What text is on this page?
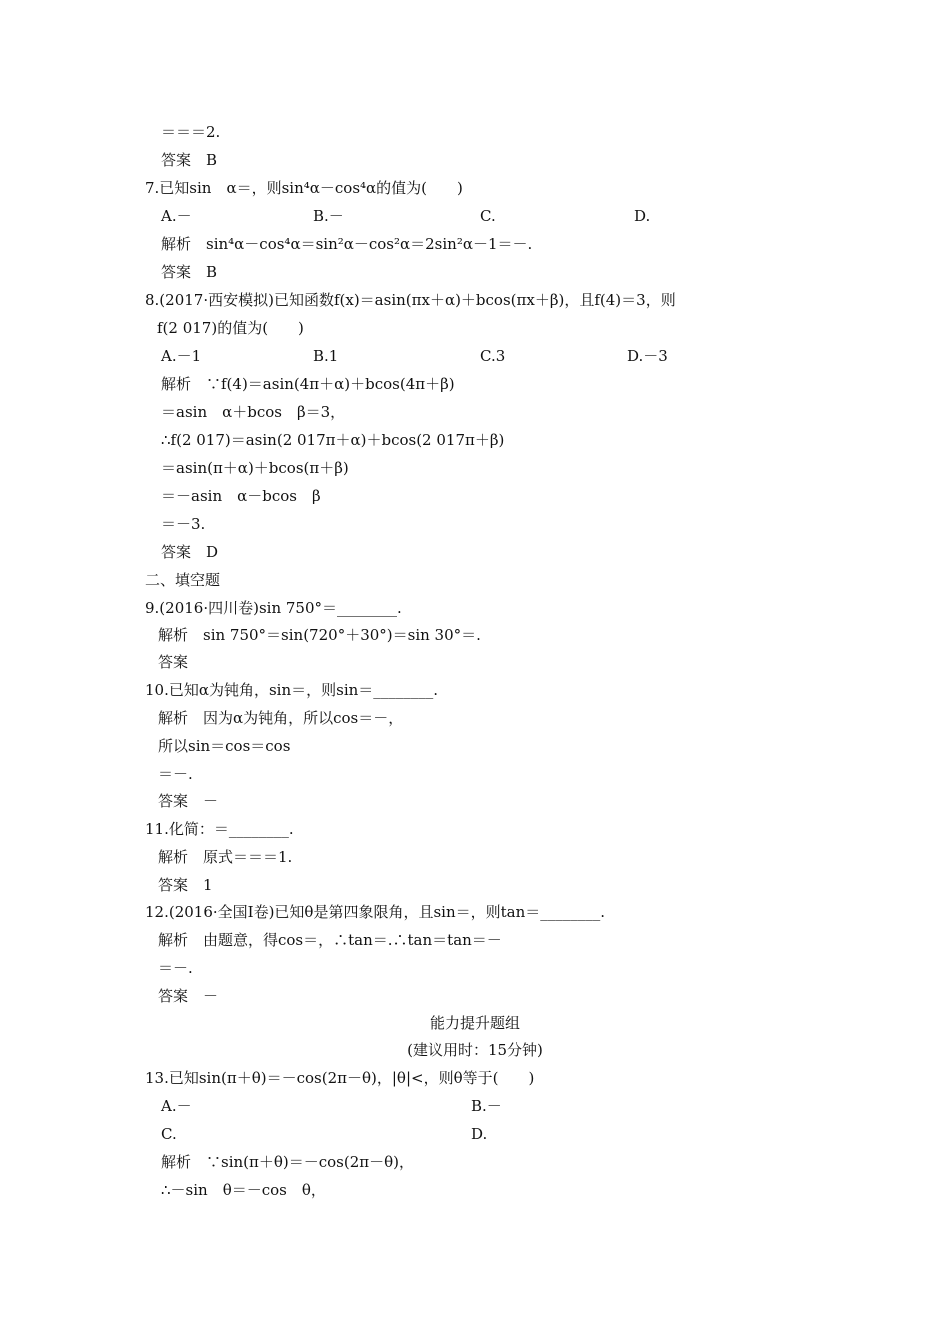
＝＝＝2.
答案　B
7.已知sin　α＝，则sin⁴α－cos⁴α的值为(　　)
A.－	B.－	C.	D.
解析　sin⁴α－cos⁴α＝sin²α－cos²α＝2sin²α－1＝－.
答案　B
8.(2017·西安模拟)已知函数f(x)＝asin(πx＋α)＋bcos(πx＋β)，且f(4)＝3，则
f(2 017)的值为(　　)
A.－1	B.1	C.3	D.－3
解析　∵f(4)＝asin(4π＋α)＋bcos(4π＋β)
＝asin　α＋bcos　β＝3，
∴f(2 017)＝asin(2 017π＋α)＋bcos(2 017π＋β)
＝asin(π＋α)＋bcos(π＋β)
＝－asin　α－bcos　β
＝－3.
答案　D
二、填空题
9.(2016·四川卷)sin 750°＝________.
解析　sin 750°＝sin(720°＋30°)＝sin 30°＝.
答案
10.已知α为钝角，sin＝，则sin＝________.
解析　因为α为钝角，所以cos＝－，
所以sin＝cos＝cos
＝－.
答案　－
11.化简：＝________.
解析　原式＝＝＝1.
答案　1
12.(2016·全国Ⅰ卷)已知θ是第四象限角，且sin＝，则tan＝________.
解析　由题意，得cos＝，∴tan＝.∴tan＝tan＝－
＝－.
答案　－
能力提升题组
(建议用时：15分钟)
13.已知sin(π＋θ)＝－cos(2π－θ)，|θ|<，则θ等于(　　)
A.－	B.－
C.	D.
解析　∵sin(π＋θ)＝－cos(2π－θ)，
∴－sin　θ＝－cos　θ，
